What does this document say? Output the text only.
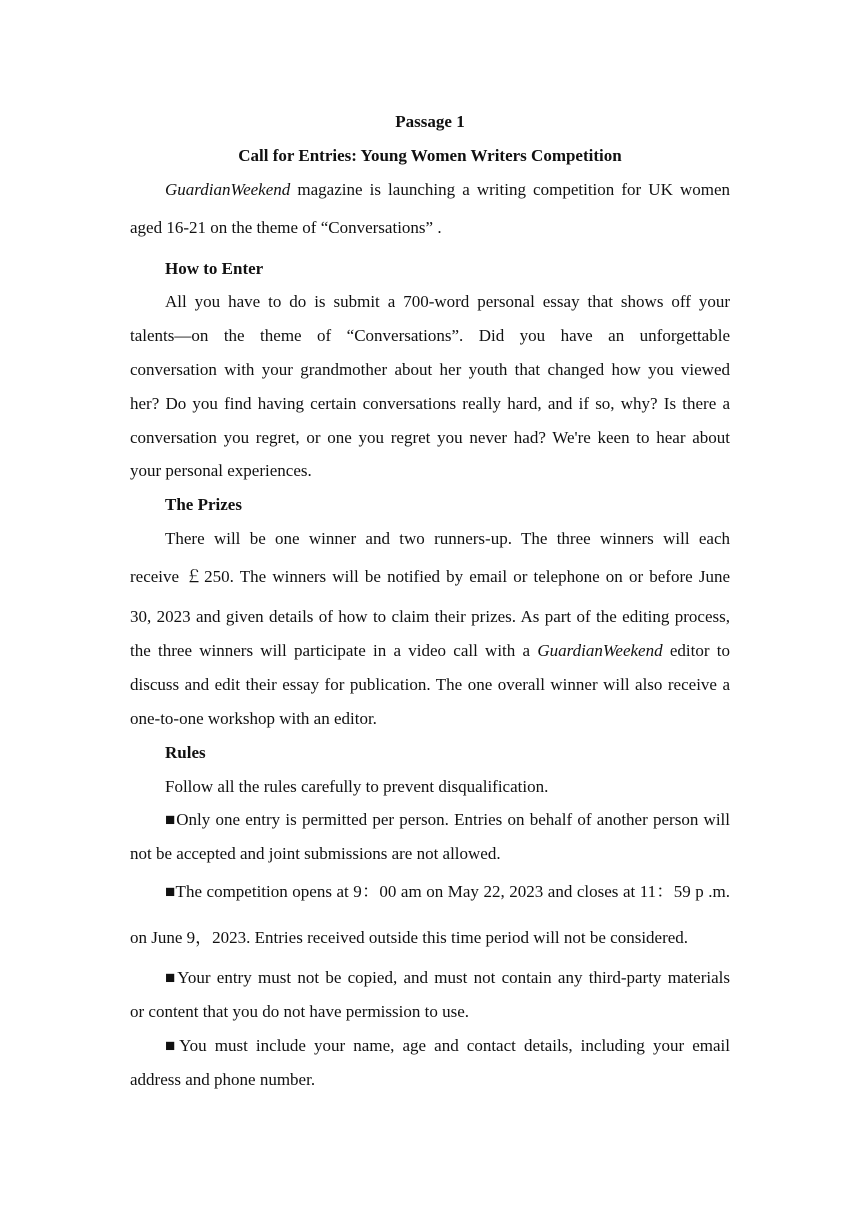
Passage 1
Call for Entries: Young Women Writers Competition
GuardianWeekend magazine is launching a writing competition for UK women
aged 16-21 on the theme of “Conversations” .
How to Enter
All you have to do is submit a 700-word personal essay that shows off your
talents—on the theme of “Conversations”. Did you have an unforgettable
conversation with your grandmother about her youth that changed how you viewed
her? Do you find having certain conversations really hard, and if so, why? Is there a
conversation you regret, or one you regret you never had? We're keen to hear about
your personal experiences.
The Prizes
There will be one winner and two runners-up. The three winners will each
receive ￡250. The winners will be notified by email or telephone on or before June
30, 2023 and given details of how to claim their prizes. As part of the editing process,
the three winners will participate in a video call with a GuardianWeekend editor to
discuss and edit their essay for publication. The one overall winner will also receive a
one-to-one workshop with an editor.
Rules
Follow all the rules carefully to prevent disqualification.
■Only one entry is permitted per person. Entries on behalf of another person will
not be accepted and joint submissions are not allowed.
■The competition opens at 9：00 am on May 22, 2023 and closes at 11：59 p .m.
on June 9，2023. Entries received outside this time period will not be considered.
■Your entry must not be copied, and must not contain any third-party materials
or content that you do not have permission to use.
■You must include your name, age and contact details, including your email
address and phone number.
